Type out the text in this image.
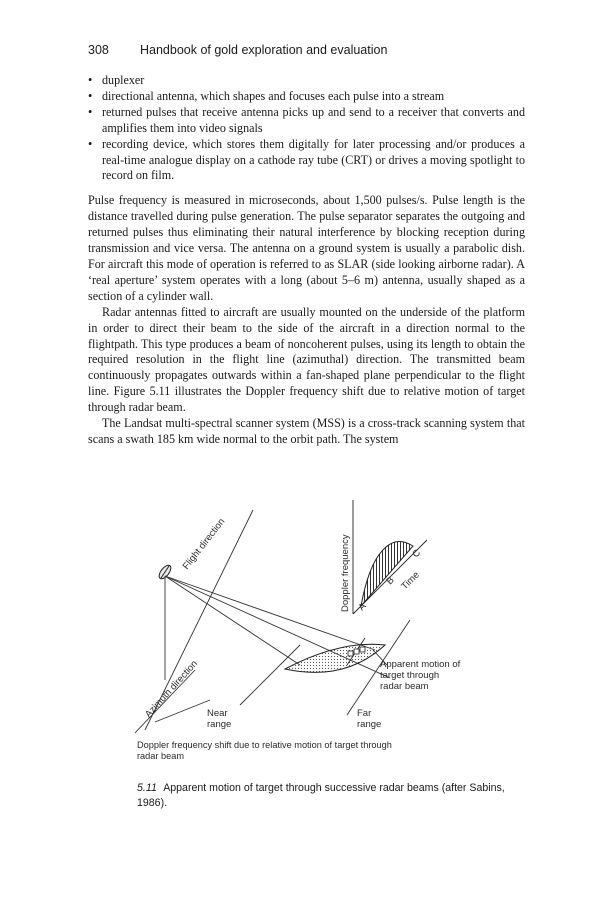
308 Handbook of gold exploration and evaluation
• duplexer
• directional antenna, which shapes and focuses each pulse into a stream
• returned pulses that receive antenna picks up and send to a receiver that converts and amplifies them into video signals
• recording device, which stores them digitally for later processing and/or produces a real-time analogue display on a cathode ray tube (CRT) or drives a moving spotlight to record on film.

Pulse frequency is measured in microseconds, about 1,500 pulses/s. Pulse length is the distance travelled during pulse generation. The pulse separator separates the outgoing and returned pulses thus eliminating their natural interference by blocking reception during transmission and vice versa. The antenna on a ground system is usually a parabolic dish. For aircraft this mode of operation is referred to as SLAR (side looking airborne radar). A ‘real aperture’ system operates with a long (about 5–6 m) antenna, usually shaped as a section of a cylinder wall.

Radar antennas fitted to aircraft are usually mounted on the underside of the platform in order to direct their beam to the side of the aircraft in a direction normal to the flightpath. This type produces a beam of noncoherent pulses, using its length to obtain the required resolution in the flight line (azimuthal) direction. The transmitted beam continuously propagates outwards within a fan-shaped plane perpendicular to the flight line. Figure 5.11 illustrates the Doppler frequency shift due to relative motion of target through radar beam.

The Landsat multi-spectral scanner system (MSS) is a cross-track scanning system that scans a swath 185 km wide normal to the orbit path. The system

Flight direction
Azimuth direction	Apparent motion of
target through
radar beam
Near
range
Far
range
Doppler frequency	Time
A
B
C
Doppler frequency shift due to relative motion of target through
radar beam
5.11 Apparent motion of target through successive radar beams (after Sabins, 1986).
